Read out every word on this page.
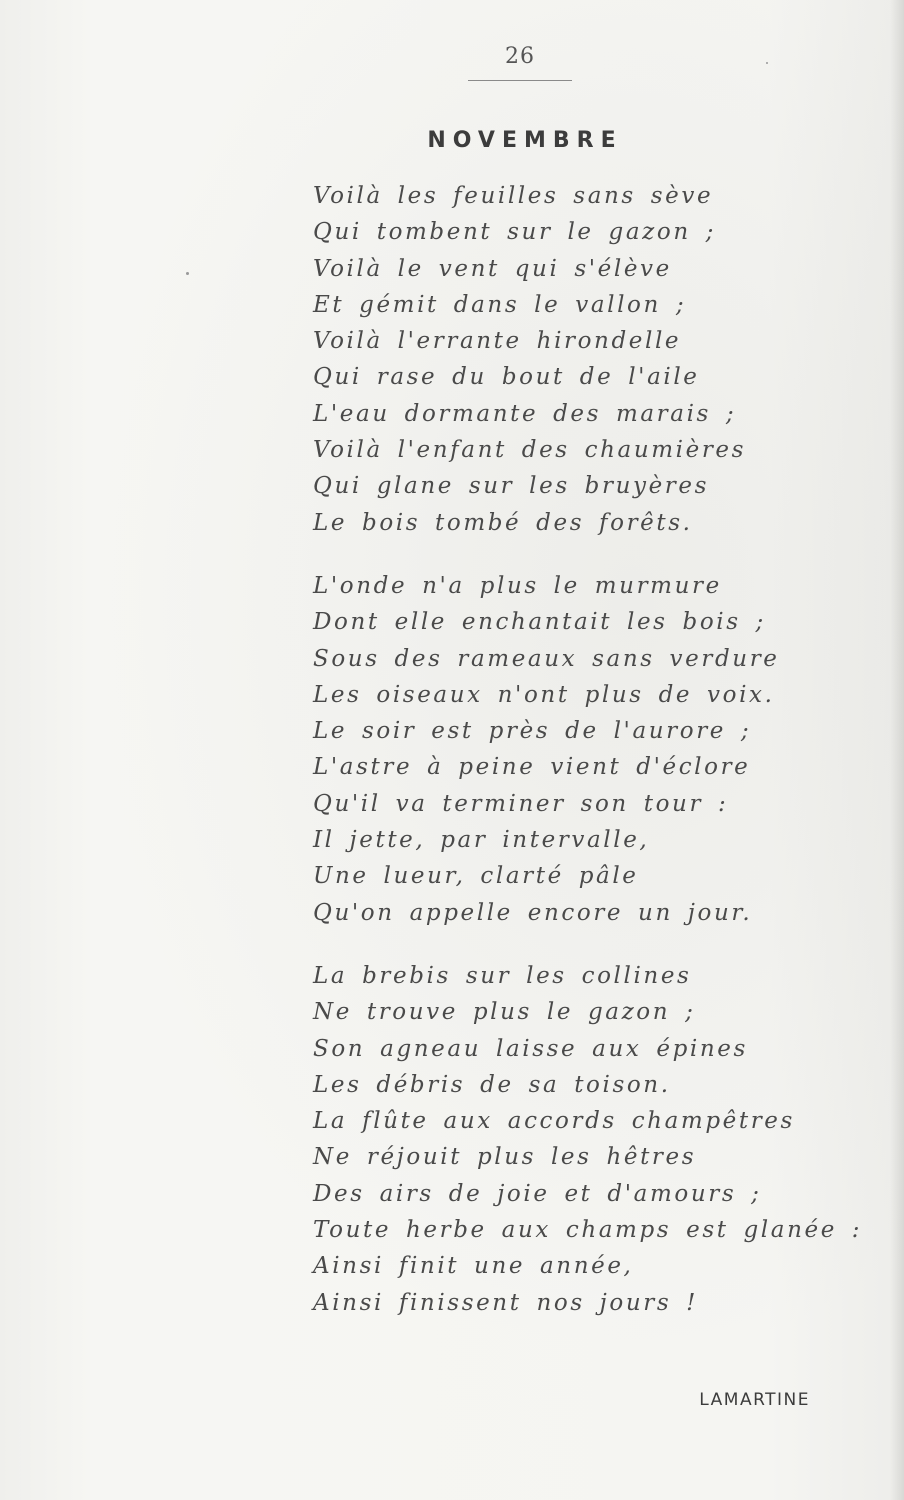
26
NOVEMBRE
Voilà les feuilles sans sève
Qui tombent sur le gazon ;
Voilà le vent qui s'élève
Et gémit dans le vallon ;
Voilà l'errante hirondelle
Qui rase du bout de l'aile
L'eau dormante des marais ;
Voilà l'enfant des chaumières
Qui glane sur les bruyères
Le bois tombé des forêts.
L'onde n'a plus le murmure
Dont elle enchantait les bois ;
Sous des rameaux sans verdure
Les oiseaux n'ont plus de voix.
Le soir est près de l'aurore ;
L'astre à peine vient d'éclore
Qu'il va terminer son tour :
Il jette, par intervalle,
Une lueur, clarté pâle
Qu'on appelle encore un jour.
La brebis sur les collines
Ne trouve plus le gazon ;
Son agneau laisse aux épines
Les débris de sa toison.
La flûte aux accords champêtres
Ne réjouit plus les hêtres
Des airs de joie et d'amours ;
Toute herbe aux champs est glanée :
Ainsi finit une année,
Ainsi finissent nos jours !
LAMARTINE
